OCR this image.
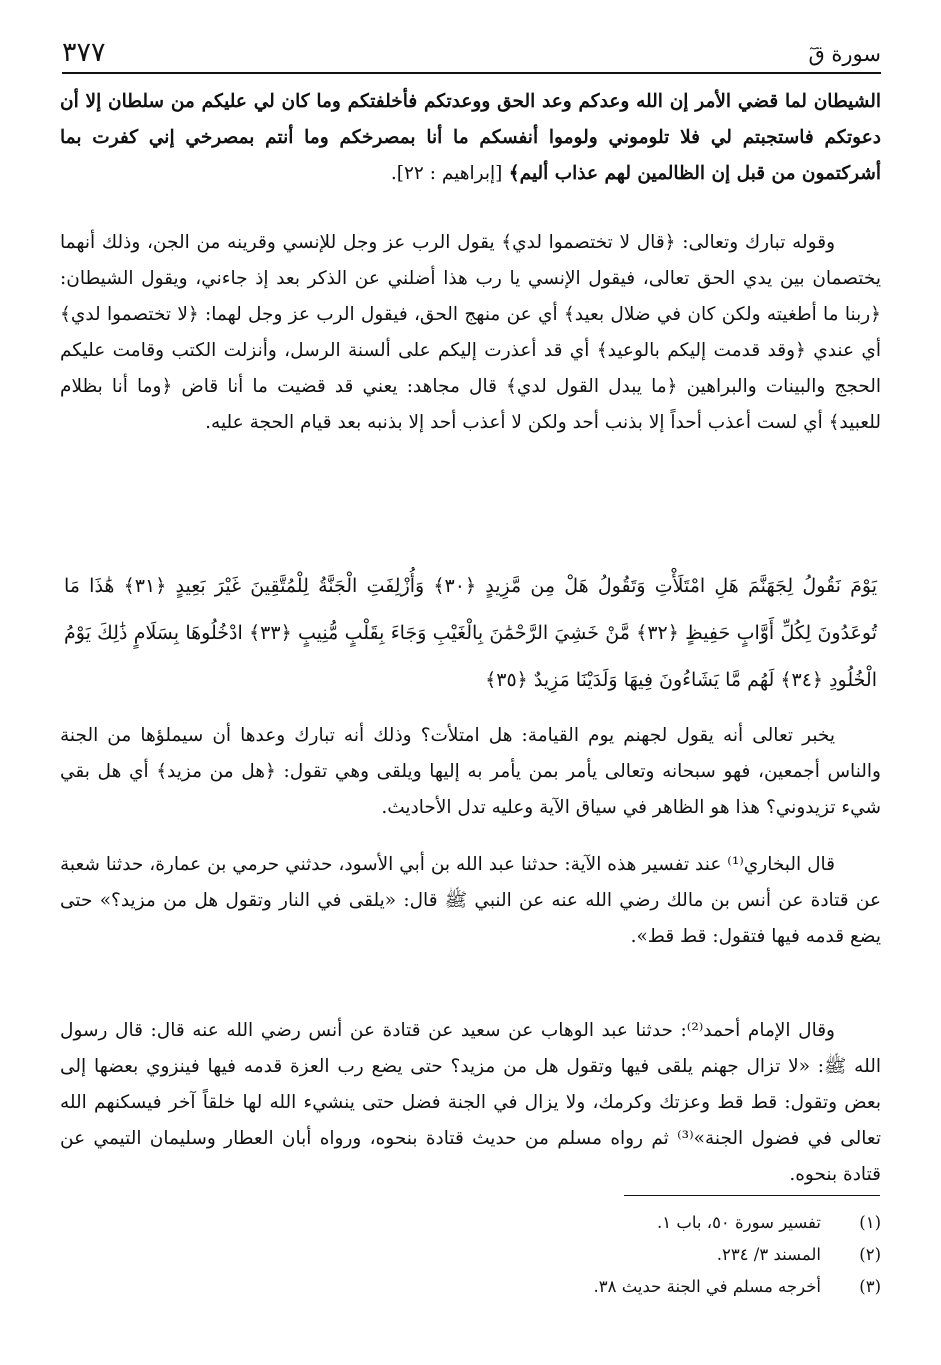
٣٧٧	سورة قٓ

الشيطان لما قضي الأمر إن الله وعدكم وعد الحق ووعدتكم فأخلفتكم وما كان لي عليكم من سلطان إلا أن دعوتكم فاستجبتم لي فلا تلوموني ولوموا أنفسكم ما أنا بمصرخكم وما أنتم بمصرخي إني كفرت بما أشركتمون من قبل إن الظالمين لهم عذاب أليم﴾ [إبراهيم : ٢٢].

وقوله تبارك وتعالى: ﴿قال لا تختصموا لدي﴾ يقول الرب عز وجل للإنسي وقرينه من الجن، وذلك أنهما يختصمان بين يدي الحق تعالى، فيقول الإنسي يا رب هذا أضلني عن الذكر بعد إذ جاءني، ويقول الشيطان: ﴿ربنا ما أطغيته ولكن كان في ضلال بعيد﴾ أي عن منهج الحق، فيقول الرب عز وجل لهما: ﴿لا تختصموا لدي﴾ أي عندي ﴿وقد قدمت إليكم بالوعيد﴾ أي قد أعذرت إليكم على ألسنة الرسل، وأنزلت الكتب وقامت عليكم الحجج والبينات والبراهين ﴿ما يبدل القول لدي﴾ قال مجاهد: يعني قد قضيت ما أنا قاض ﴿وما أنا بظلام للعبيد﴾ أي لست أعذب أحداً إلا بذنب أحد ولكن لا أعذب أحد إلا بذنبه بعد قيام الحجة عليه.

يَوْمَ نَقُولُ لِجَهَنَّمَ هَلِ امْتَلَأْتِ وَتَقُولُ هَلْ مِن مَّزِيدٍ ﴿٣٠﴾ وَأُزْلِفَتِ الْجَنَّةُ لِلْمُتَّقِينَ غَيْرَ بَعِيدٍ ﴿٣١﴾ هَٰذَا مَا تُوعَدُونَ لِكُلِّ أَوَّابٍ حَفِيظٍ ﴿٣٢﴾ مَّنْ خَشِيَ الرَّحْمَٰنَ بِالْغَيْبِ وَجَاءَ بِقَلْبٍ مُّنِيبٍ ﴿٣٣﴾ ادْخُلُوهَا بِسَلَامٍ ذَٰلِكَ يَوْمُ الْخُلُودِ ﴿٣٤﴾ لَهُم مَّا يَشَاءُونَ فِيهَا وَلَدَيْنَا مَزِيدٌ ﴿٣٥﴾

يخبر تعالى أنه يقول لجهنم يوم القيامة: هل امتلأت؟ وذلك أنه تبارك وعدها أن سيملؤها من الجنة والناس أجمعين، فهو سبحانه وتعالى يأمر بمن يأمر به إليها ويلقى وهي تقول: ﴿هل من مزيد﴾ أي هل بقي شيء تزيدوني؟ هذا هو الظاهر في سياق الآية وعليه تدل الأحاديث.

قال البخاري⁽¹⁾ عند تفسير هذه الآية: حدثنا عبد الله بن أبي الأسود، حدثني حرمي بن عمارة، حدثنا شعبة عن قتادة عن أنس بن مالك رضي الله عنه عن النبي ﷺ قال: «يلقى في النار وتقول هل من مزيد؟» حتى يضع قدمه فيها فتقول: قط قط».

وقال الإمام أحمد⁽²⁾: حدثنا عبد الوهاب عن سعيد عن قتادة عن أنس رضي الله عنه قال: قال رسول الله ﷺ: «لا تزال جهنم يلقى فيها وتقول هل من مزيد؟ حتى يضع رب العزة قدمه فيها فينزوي بعضها إلى بعض وتقول: قط قط وعزتك وكرمك، ولا يزال في الجنة فضل حتى ينشيء الله لها خلقاً آخر فيسكنهم الله تعالى في فضول الجنة»⁽³⁾ ثم رواه مسلم من حديث قتادة بنحوه، ورواه أبان العطار وسليمان التيمي عن قتادة بنحوه.

(١)
تفسير سورة ٥٠، باب ١.
(٢)
المسند ٣/ ٢٣٤.
(٣)
أخرجه مسلم في الجنة حديث ٣٨.
